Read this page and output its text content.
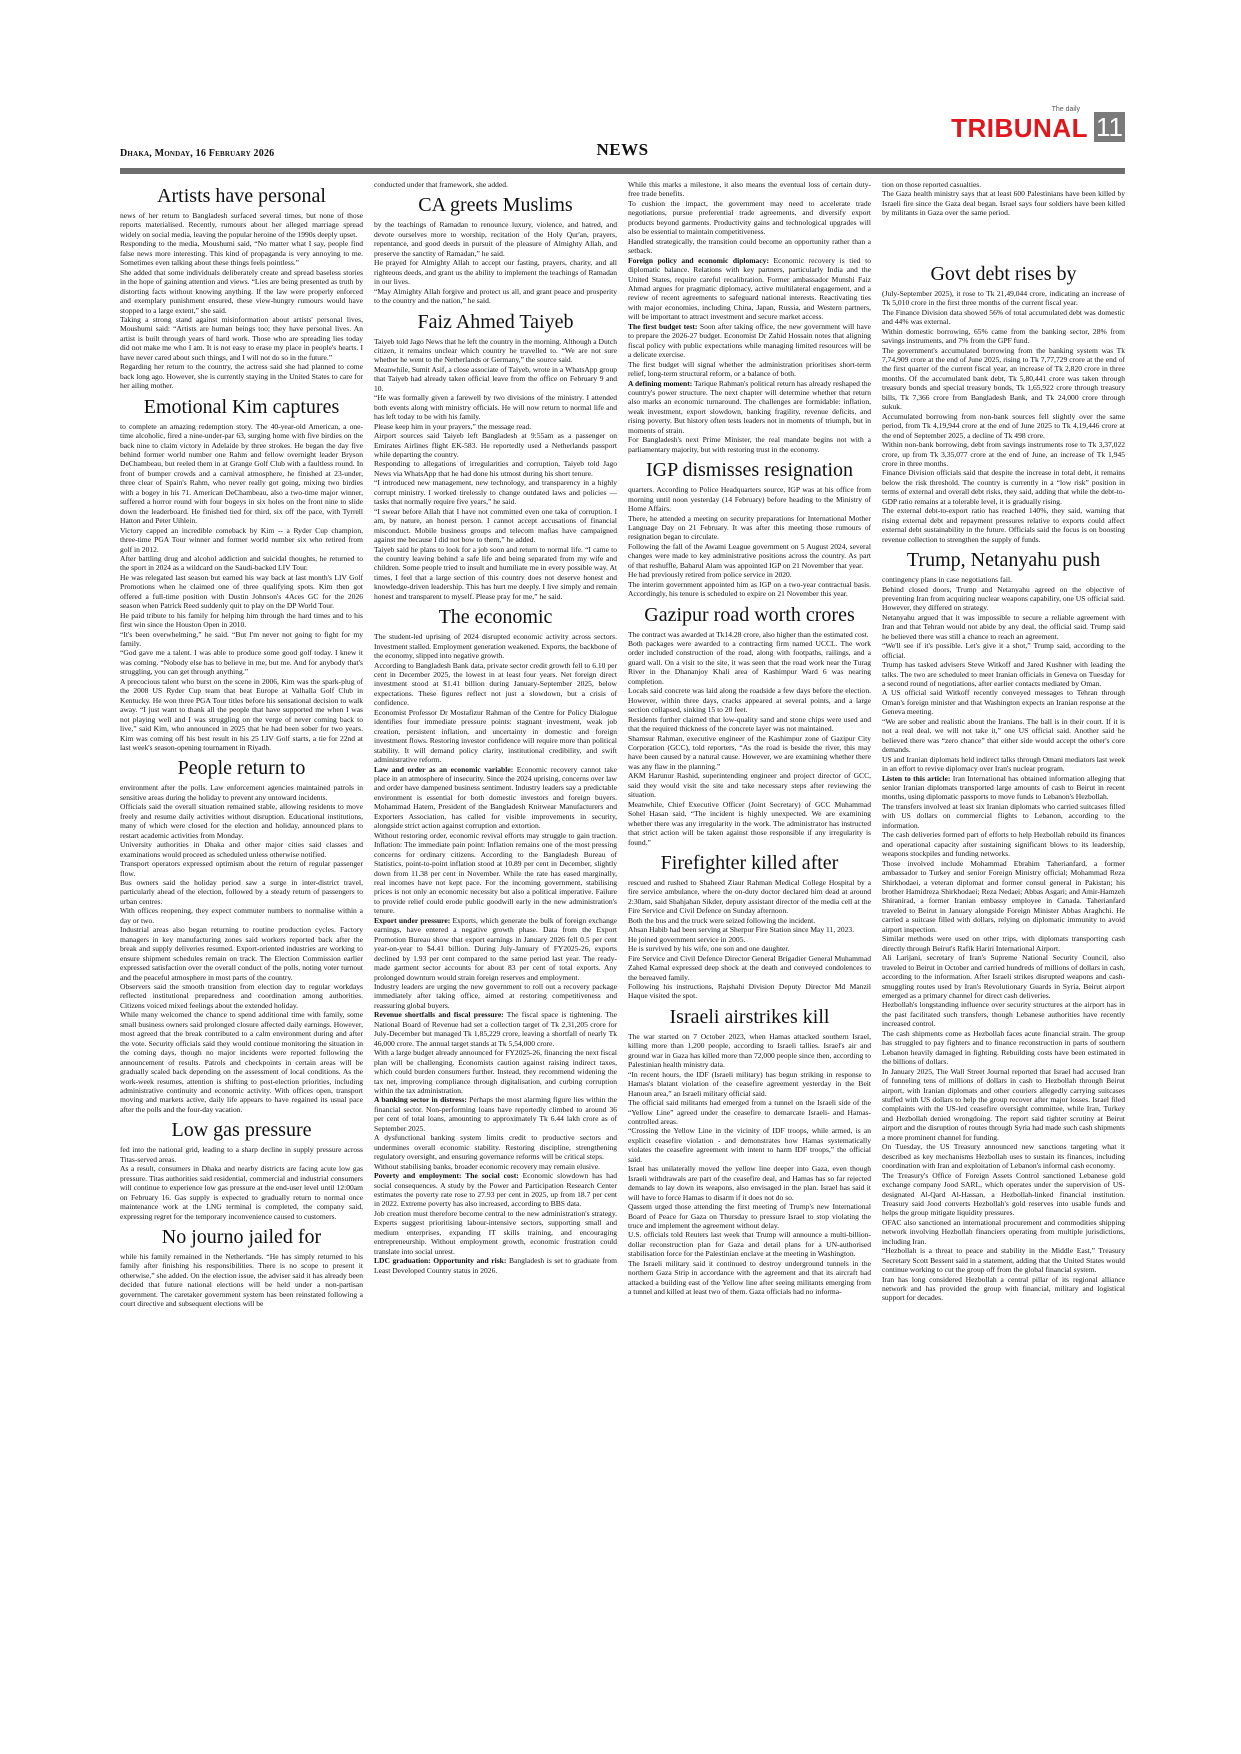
Dhaka, Monday, 16 February 2026	NEWS
The daily
TRIBUNAL 11
Artists have personal

news of her return to Bangladesh surfaced several times, but none of those reports materialised. Recently, rumours about her alleged marriage spread widely on social media, leaving the popular heroine of the 1990s deeply upset.

Responding to the media, Moushumi said, “No matter what I say, people find false news more interesting. This kind of propaganda is very annoying to me. Sometimes even talking about these things feels pointless.”

She added that some individuals deliberately create and spread baseless stories in the hope of gaining attention and views. “Lies are being presented as truth by distorting facts without knowing anything. If the law were properly enforced and exemplary punishment ensured, these view-hungry rumours would have stopped to a large extent,” she said.

Taking a strong stand against misinformation about artists' personal lives, Moushumi said: “Artists are human beings too; they have personal lives. An artist is built through years of hard work. Those who are spreading lies today did not make me who I am. It is not easy to erase my place in people's hearts. I have never cared about such things, and I will not do so in the future.”

Regarding her return to the country, the actress said she had planned to come back long ago. However, she is currently staying in the United States to care for her ailing mother.

Emotional Kim captures

to complete an amazing redemption story. The 40-year-old American, a one-time alcoholic, fired a nine-under-par 63, surging home with five birdies on the back nine to claim victory in Adelaide by three strokes. He began the day five behind former world number one Rahm and fellow overnight leader Bryson DeChambeau, but reeled them in at Grange Golf Club with a faultless round. In front of bumper crowds and a carnival atmosphere, he finished at 23-under, three clear of Spain's Rahm, who never really got going, mixing two birdies with a bogey in his 71. American DeChambeau, also a two-time major winner, suffered a horror round with four bogeys in six holes on the front nine to slide down the leaderboard. He finished tied for third, six off the pace, with Tyrrell Hatton and Peter Uihlein.

Victory capped an incredible comeback by Kim -- a Ryder Cup champion, three-time PGA Tour winner and former world number six who retired from golf in 2012.

After battling drug and alcohol addiction and suicidal thoughts, he returned to the sport in 2024 as a wildcard on the Saudi-backed LIV Tour.

He was relegated last season but earned his way back at last month's LIV Golf Promotions when he claimed one of three qualifying spots. Kim then got offered a full-time position with Dustin Johnson's 4Aces GC for the 2026 season when Patrick Reed suddenly quit to play on the DP World Tour.

He paid tribute to his family for helping him through the hard times and to his first win since the Houston Open in 2010.

“It's been overwhelming,” he said. “But I'm never not going to fight for my family.

“God gave me a talent. I was able to produce some good golf today. I knew it was coming. “Nobody else has to believe in me, but me. And for anybody that's struggling, you can get through anything.”

A precocious talent who burst on the scene in 2006, Kim was the spark-plug of the 2008 US Ryder Cup team that beat Europe at Valhalla Golf Club in Kentucky. He won three PGA Tour titles before his sensational decision to walk away. “I just want to thank all the people that have supported me when I was not playing well and I was struggling on the verge of never coming back to live,” said Kim, who announced in 2025 that he had been sober for two years. Kim was coming off his best result in his 25 LIV Golf starts, a tie for 22nd at last week's season-opening tournament in Riyadh.

People return to

environment after the polls. Law enforcement agencies maintained patrols in sensitive areas during the holiday to prevent any untoward incidents.

Officials said the overall situation remained stable, allowing residents to move freely and resume daily activities without disruption. Educational institutions, many of which were closed for the election and holiday, announced plans to restart academic activities from Monday.

University authorities in Dhaka and other major cities said classes and examinations would proceed as scheduled unless otherwise notified.

Transport operators expressed optimism about the return of regular passenger flow.

Bus owners said the holiday period saw a surge in inter-district travel, particularly ahead of the election, followed by a steady return of passengers to urban centres.

With offices reopening, they expect commuter numbers to normalise within a day or two.

Industrial areas also began returning to routine production cycles. Factory managers in key manufacturing zones said workers reported back after the break and supply deliveries resumed. Export-oriented industries are working to ensure shipment schedules remain on track. The Election Commission earlier expressed satisfaction over the overall conduct of the polls, noting voter turnout and the peaceful atmosphere in most parts of the country.

Observers said the smooth transition from election day to regular workdays reflected institutional preparedness and coordination among authorities. Citizens voiced mixed feelings about the extended holiday.

While many welcomed the chance to spend additional time with family, some small business owners said prolonged closure affected daily earnings. However, most agreed that the break contributed to a calm environment during and after the vote. Security officials said they would continue monitoring the situation in the coming days, though no major incidents were reported following the announcement of results. Patrols and checkpoints in certain areas will be gradually scaled back depending on the assessment of local conditions. As the work-week resumes, attention is shifting to post-election priorities, including administrative continuity and economic activity. With offices open, transport moving and markets active, daily life appears to have regained its usual pace after the polls and the four-day vacation.

Low gas pressure

fed into the national grid, leading to a sharp decline in supply pressure across Titas-served areas.

As a result, consumers in Dhaka and nearby districts are facing acute low gas pressure. Titas authorities said residential, commercial and industrial consumers will continue to experience low gas pressure at the end-user level until 12:00am on February 16. Gas supply is expected to gradually return to normal once maintenance work at the LNG terminal is completed, the company said, expressing regret for the temporary inconvenience caused to customers.

No journo jailed for

while his family remained in the Netherlands. “He has simply returned to his family after finishing his responsibilities. There is no scope to present it otherwise,” she added. On the election issue, the adviser said it has already been decided that future national elections will be held under a non-partisan government. The caretaker government system has been reinstated following a court directive and subsequent elections will be

conducted under that framework, she added.

CA greets Muslims

by the teachings of Ramadan to renounce luxury, violence, and hatred, and devote ourselves more to worship, recitation of the Holy Qur'an, prayers, repentance, and good deeds in pursuit of the pleasure of Almighty Allah, and preserve the sanctity of Ramadan,” he said.

He prayed for Almighty Allah to accept our fasting, prayers, charity, and all righteous deeds, and grant us the ability to implement the teachings of Ramadan in our lives.

“May Almighty Allah forgive and protect us all, and grant peace and prosperity to the country and the nation,” he said.

Faiz Ahmed Taiyeb

Taiyeb told Jago News that he left the country in the morning. Although a Dutch citizen, it remains unclear which country he travelled to. “We are not sure whether he went to the Netherlands or Germany,” the source said.

Meanwhile, Sumit Asif, a close associate of Taiyeb, wrote in a WhatsApp group that Taiyeb had already taken official leave from the office on February 9 and 10.

“He was formally given a farewell by two divisions of the ministry. I attended both events along with ministry officials. He will now return to normal life and has left today to be with his family.

Please keep him in your prayers,” the message read.

Airport sources said Taiyeb left Bangladesh at 9:55am as a passenger on Emirates Airlines flight EK-583. He reportedly used a Netherlands passport while departing the country.

Responding to allegations of irregularities and corruption, Taiyeb told Jago News via WhatsApp that he had done his utmost during his short tenure.

“I introduced new management, new technology, and transparency in a highly corrupt ministry. I worked tirelessly to change outdated laws and policies — tasks that normally require five years,” he said.

“I swear before Allah that I have not committed even one taka of corruption. I am, by nature, an honest person. I cannot accept accusations of financial misconduct. Mobile business groups and telecom mafias have campaigned against me because I did not bow to them,” he added.

Taiyeb said he plans to look for a job soon and return to normal life. “I came to the country leaving behind a safe life and being separated from my wife and children. Some people tried to insult and humiliate me in every possible way. At times, I feel that a large section of this country does not deserve honest and knowledge-driven leadership. This has hurt me deeply. I live simply and remain honest and transparent to myself. Please pray for me,” he said.

The economic

The student-led uprising of 2024 disrupted economic activity across sectors. Investment stalled. Employment generation weakened. Exports, the backbone of the economy, slipped into negative growth.

According to Bangladesh Bank data, private sector credit growth fell to 6.10 per cent in December 2025, the lowest in at least four years. Net foreign direct investment stood at $1.41 billion during January-September 2025, below expectations. These figures reflect not just a slowdown, but a crisis of confidence.

Economist Professor Dr Mostafizur Rahman of the Centre for Policy Dialogue identifies four immediate pressure points: stagnant investment, weak job creation, persistent inflation, and uncertainty in domestic and foreign investment flows. Restoring investor confidence will require more than political stability. It will demand policy clarity, institutional credibility, and swift administrative reform.

Law and order as an economic variable: Economic recovery cannot take place in an atmosphere of insecurity. Since the 2024 uprising, concerns over law and order have dampened business sentiment. Industry leaders say a predictable environment is essential for both domestic investors and foreign buyers. Mohammad Hatem, President of the Bangladesh Knitwear Manufacturers and Exporters Association, has called for visible improvements in security, alongside strict action against corruption and extortion.

Without restoring order, economic revival efforts may struggle to gain traction. Inflation: The immediate pain point: Inflation remains one of the most pressing concerns for ordinary citizens. According to the Bangladesh Bureau of Statistics, point-to-point inflation stood at 10.89 per cent in December, slightly down from 11.38 per cent in November. While the rate has eased marginally, real incomes have not kept pace. For the incoming government, stabilising prices is not only an economic necessity but also a political imperative. Failure to provide relief could erode public goodwill early in the new administration's tenure.

Export under pressure: Exports, which generate the bulk of foreign exchange earnings, have entered a negative growth phase. Data from the Export Promotion Bureau show that export earnings in January 2026 fell 0.5 per cent year-on-year to $4.41 billion. During July-January of FY2025-26, exports declined by 1.93 per cent compared to the same period last year. The ready-made garment sector accounts for about 83 per cent of total exports. Any prolonged downturn would strain foreign reserves and employment.

Industry leaders are urging the new government to roll out a recovery package immediately after taking office, aimed at restoring competitiveness and reassuring global buyers.

Revenue shortfalls and fiscal pressure: The fiscal space is tightening. The National Board of Revenue had set a collection target of Tk 2,31,205 crore for July-December but managed Tk 1,85,229 crore, leaving a shortfall of nearly Tk 46,000 crore. The annual target stands at Tk 5,54,000 crore.

With a large budget already announced for FY2025-26, financing the next fiscal plan will be challenging. Economists caution against raising indirect taxes, which could burden consumers further. Instead, they recommend widening the tax net, improving compliance through digitalisation, and curbing corruption within the tax administration.

A banking sector in distress: Perhaps the most alarming figure lies within the financial sector. Non-performing loans have reportedly climbed to around 36 per cent of total loans, amounting to approximately Tk 6.44 lakh crore as of September 2025.

A dysfunctional banking system limits credit to productive sectors and undermines overall economic stability. Restoring discipline, strengthening regulatory oversight, and ensuring governance reforms will be critical steps.

Without stabilising banks, broader economic recovery may remain elusive.

Poverty and employment: The social cost: Economic slowdown has had social consequences. A study by the Power and Participation Research Center estimates the poverty rate rose to 27.93 per cent in 2025, up from 18.7 per cent in 2022. Extreme poverty has also increased, according to BBS data.

Job creation must therefore become central to the new administration's strategy. Experts suggest prioritising labour-intensive sectors, supporting small and medium enterprises, expanding IT skills training, and encouraging entrepreneurship. Without employment growth, economic frustration could translate into social unrest.

LDC graduation: Opportunity and risk: Bangladesh is set to graduate from Least Developed Country status in 2026.

While this marks a milestone, it also means the eventual loss of certain duty-free trade benefits.

To cushion the impact, the government may need to accelerate trade negotiations, pursue preferential trade agreements, and diversify export products beyond garments. Productivity gains and technological upgrades will also be essential to maintain competitiveness.

Handled strategically, the transition could become an opportunity rather than a setback.

Foreign policy and economic diplomacy: Economic recovery is tied to diplomatic balance. Relations with key partners, particularly India and the United States, require careful recalibration. Former ambassador Munshi Faiz Ahmad argues for pragmatic diplomacy, active multilateral engagement, and a review of recent agreements to safeguard national interests. Reactivating ties with major economies, including China, Japan, Russia, and Western partners, will be important to attract investment and secure market access.

The first budget test: Soon after taking office, the new government will have to prepare the 2026-27 budget. Economist Dr Zahid Hossain notes that aligning fiscal policy with public expectations while managing limited resources will be a delicate exercise.

The first budget will signal whether the administration prioritises short-term relief, long-term structural reform, or a balance of both.

A defining moment: Tarique Rahman's political return has already reshaped the country's power structure. The next chapter will determine whether that return also marks an economic turnaround. The challenges are formidable: inflation, weak investment, export slowdown, banking fragility, revenue deficits, and rising poverty. But history often tests leaders not in moments of triumph, but in moments of strain.

For Bangladesh's next Prime Minister, the real mandate begins not with a parliamentary majority, but with restoring trust in the economy.

IGP dismisses resignation

quarters. According to Police Headquarters source, IGP was at his office from morning until noon yesterday (14 February) before heading to the Ministry of Home Affairs.

There, he attended a meeting on security preparations for International Mother Language Day on 21 February. It was after this meeting those rumours of resignation began to circulate.

Following the fall of the Awami League government on 5 August 2024, several changes were made to key administrative positions across the country. As part of that reshuffle, Baharul Alam was appointed IGP on 21 November that year.

He had previously retired from police service in 2020.

The interim government appointed him as IGP on a two-year contractual basis. Accordingly, his tenure is scheduled to expire on 21 November this year.

Gazipur road worth crores

The contract was awarded at Tk14.28 crore, also higher than the estimated cost.

Both packages were awarded to a contracting firm named UCCL. The work order included construction of the road, along with footpaths, railings, and a guard wall. On a visit to the site, it was seen that the road work near the Turag River in the Dhananjoy Khali area of Kashimpur Ward 6 was nearing completion.

Locals said concrete was laid along the roadside a few days before the election. However, within three days, cracks appeared at several points, and a large section collapsed, sinking 15 to 20 feet.

Residents further claimed that low-quality sand and stone chips were used and that the required thickness of the concrete layer was not maintained.

Shamsur Rahman, executive engineer of the Kashimpur zone of Gazipur City Corporation (GCC), told reporters, “As the road is beside the river, this may have been caused by a natural cause. However, we are examining whether there was any flaw in the planning.”

AKM Harunur Rashid, superintending engineer and project director of GCC, said they would visit the site and take necessary steps after reviewing the situation.

Meanwhile, Chief Executive Officer (Joint Secretary) of GCC Muhammad Sohel Hasan said, “The incident is highly unexpected. We are examining whether there was any irregularity in the work. The administrator has instructed that strict action will be taken against those responsible if any irregularity is found.”

Firefighter killed after

rescued and rushed to Shaheed Ziaur Rahman Medical College Hospital by a fire service ambulance, where the on-duty doctor declared him dead at around 2:30am, said Shahjahan Sikder, deputy assistant director of the media cell at the Fire Service and Civil Defence on Sunday afternoon.

Both the bus and the truck were seized following the incident.

Ahsan Habib had been serving at Sherpur Fire Station since May 11, 2023.

He joined government service in 2005.

He is survived by his wife, one son and one daughter.

Fire Service and Civil Defence Director General Brigadier General Muhammad Zahed Kamal expressed deep shock at the death and conveyed condolences to the bereaved family.

Following his instructions, Rajshahi Division Deputy Director Md Manzil Haque visited the spot.

Israeli airstrikes kill

The war started on 7 October 2023, when Hamas attacked southern Israel, killing more than 1,200 people, according to Israeli tallies. Israel's air and ground war in Gaza has killed more than 72,000 people since then, according to Palestinian health ministry data.

“In recent hours, the IDF (Israeli military) has begun striking in response to Hamas's blatant violation of the ceasefire agreement yesterday in the Beit Hanoun area,” an Israeli military official said.

The official said militants had emerged from a tunnel on the Israeli side of the “Yellow Line” agreed under the ceasefire to demarcate Israeli- and Hamas-controlled areas.

“Crossing the Yellow Line in the vicinity of IDF troops, while armed, is an explicit ceasefire violation - and demonstrates how Hamas systematically violates the ceasefire agreement with intent to harm IDF troops,” the official said.

Israel has unilaterally moved the yellow line deeper into Gaza, even though Israeli withdrawals are part of the ceasefire deal, and Hamas has so far rejected demands to lay down its weapons, also envisaged in the plan. Israel has said it will have to force Hamas to disarm if it does not do so.

Qassem urged those attending the first meeting of Trump's new International Board of Peace for Gaza on Thursday to pressure Israel to stop violating the truce and implement the agreement without delay.

U.S. officials told Reuters last week that Trump will announce a multi-billion-dollar reconstruction plan for Gaza and detail plans for a UN-authorised stabilisation force for the Palestinian enclave at the meeting in Washington.

The Israeli military said it continued to destroy underground tunnels in the northern Gaza Strip in accordance with the agreement and that its aircraft had attacked a building east of the Yellow line after seeing militants emerging from a tunnel and killed at least two of them. Gaza officials had no informa-

tion on those reported casualties.

The Gaza health ministry says that at least 600 Palestinians have been killed by Israeli fire since the Gaza deal began. Israel says four soldiers have been killed by militants in Gaza over the same period.

Govt debt rises by

(July-September 2025), it rose to Tk 21,49,044 crore, indicating an increase of Tk 5,010 crore in the first three months of the current fiscal year.

The Finance Division data showed 56% of total accumulated debt was domestic and 44% was external.

Within domestic borrowing, 65% came from the banking sector, 28% from savings instruments, and 7% from the GPF fund.

The government's accumulated borrowing from the banking system was Tk 7,74,909 crore at the end of June 2025, rising to Tk 7,77,729 crore at the end of the first quarter of the current fiscal year, an increase of Tk 2,820 crore in three months. Of the accumulated bank debt, Tk 5,80,441 crore was taken through treasury bonds and special treasury bonds, Tk 1,65,922 crore through treasury bills, Tk 7,366 crore from Bangladesh Bank, and Tk 24,000 crore through sukuk.

Accumulated borrowing from non-bank sources fell slightly over the same period, from Tk 4,19,944 crore at the end of June 2025 to Tk 4,19,446 crore at the end of September 2025, a decline of Tk 498 crore.

Within non-bank borrowing, debt from savings instruments rose to Tk 3,37,022 crore, up from Tk 3,35,077 crore at the end of June, an increase of Tk 1,945 crore in three months.

Finance Division officials said that despite the increase in total debt, it remains below the risk threshold. The country is currently in a “low risk” position in terms of external and overall debt risks, they said, adding that while the debt-to-GDP ratio remains at a tolerable level, it is gradually rising.

The external debt-to-export ratio has reached 140%, they said, warning that rising external debt and repayment pressures relative to exports could affect external debt sustainability in the future. Officials said the focus is on boosting revenue collection to strengthen the supply of funds.

Trump, Netanyahu push

contingency plans in case negotiations fail.

Behind closed doors, Trump and Netanyahu agreed on the objective of preventing Iran from acquiring nuclear weapons capability, one US official said. However, they differed on strategy.

Netanyahu argued that it was impossible to secure a reliable agreement with Iran and that Tehran would not abide by any deal, the official said. Trump said he believed there was still a chance to reach an agreement.

“We'll see if it's possible. Let's give it a shot,” Trump said, according to the official.

Trump has tasked advisers Steve Witkoff and Jared Kushner with leading the talks. The two are scheduled to meet Iranian officials in Geneva on Tuesday for a second round of negotiations, after earlier contacts mediated by Oman.

A US official said Witkoff recently conveyed messages to Tehran through Oman's foreign minister and that Washington expects an Iranian response at the Geneva meeting.

“We are sober and realistic about the Iranians. The ball is in their court. If it is not a real deal, we will not take it,” one US official said. Another said he believed there was “zero chance” that either side would accept the other's core demands.

US and Iranian diplomats held indirect talks through Omani mediators last week in an effort to revive diplomacy over Iran's nuclear program.

Listen to this article: Iran International has obtained information alleging that senior Iranian diplomats transported large amounts of cash to Beirut in recent months, using diplomatic passports to move funds to Lebanon's Hezbollah.

The transfers involved at least six Iranian diplomats who carried suitcases filled with US dollars on commercial flights to Lebanon, according to the information.

The cash deliveries formed part of efforts to help Hezbollah rebuild its finances and operational capacity after sustaining significant blows to its leadership, weapons stockpiles and funding networks.

Those involved include Mohammad Ebrahim Taherianfard, a former ambassador to Turkey and senior Foreign Ministry official; Mohammad Reza Shirkhodaei, a veteran diplomat and former consul general in Pakistan; his brother Hamidreza Shirkhodaei; Reza Nedaei; Abbas Asgari; and Amir-Hamzeh Shiranirad, a former Iranian embassy employee in Canada. Taherianfard traveled to Beirut in January alongside Foreign Minister Abbas Araghchi. He carried a suitcase filled with dollars, relying on diplomatic immunity to avoid airport inspection.

Similar methods were used on other trips, with diplomats transporting cash directly through Beirut's Rafik Hariri International Airport.

Ali Larijani, secretary of Iran's Supreme National Security Council, also traveled to Beirut in October and carried hundreds of millions of dollars in cash, according to the information. After Israeli strikes disrupted weapons and cash-smuggling routes used by Iran's Revolutionary Guards in Syria, Beirut airport emerged as a primary channel for direct cash deliveries.

Hezbollah's longstanding influence over security structures at the airport has in the past facilitated such transfers, though Lebanese authorities have recently increased control.

The cash shipments come as Hezbollah faces acute financial strain. The group has struggled to pay fighters and to finance reconstruction in parts of southern Lebanon heavily damaged in fighting. Rebuilding costs have been estimated in the billions of dollars.

In January 2025, The Wall Street Journal reported that Israel had accused Iran of funneling tens of millions of dollars in cash to Hezbollah through Beirut airport, with Iranian diplomats and other couriers allegedly carrying suitcases stuffed with US dollars to help the group recover after major losses. Israel filed complaints with the US-led ceasefire oversight committee, while Iran, Turkey and Hezbollah denied wrongdoing. The report said tighter scrutiny at Beirut airport and the disruption of routes through Syria had made such cash shipments a more prominent channel for funding.

On Tuesday, the US Treasury announced new sanctions targeting what it described as key mechanisms Hezbollah uses to sustain its finances, including coordination with Iran and exploitation of Lebanon's informal cash economy.

The Treasury's Office of Foreign Assets Control sanctioned Lebanese gold exchange company Jood SARL, which operates under the supervision of US-designated Al-Qard Al-Hassan, a Hezbollah-linked financial institution. Treasury said Jood converts Hezbollah's gold reserves into usable funds and helps the group mitigate liquidity pressures.

OFAC also sanctioned an international procurement and commodities shipping network involving Hezbollah financiers operating from multiple jurisdictions, including Iran.

“Hezbollah is a threat to peace and stability in the Middle East,” Treasury Secretary Scott Bessent said in a statement, adding that the United States would continue working to cut the group off from the global financial system.

Iran has long considered Hezbollah a central pillar of its regional alliance network and has provided the group with financial, military and logistical support for decades.
